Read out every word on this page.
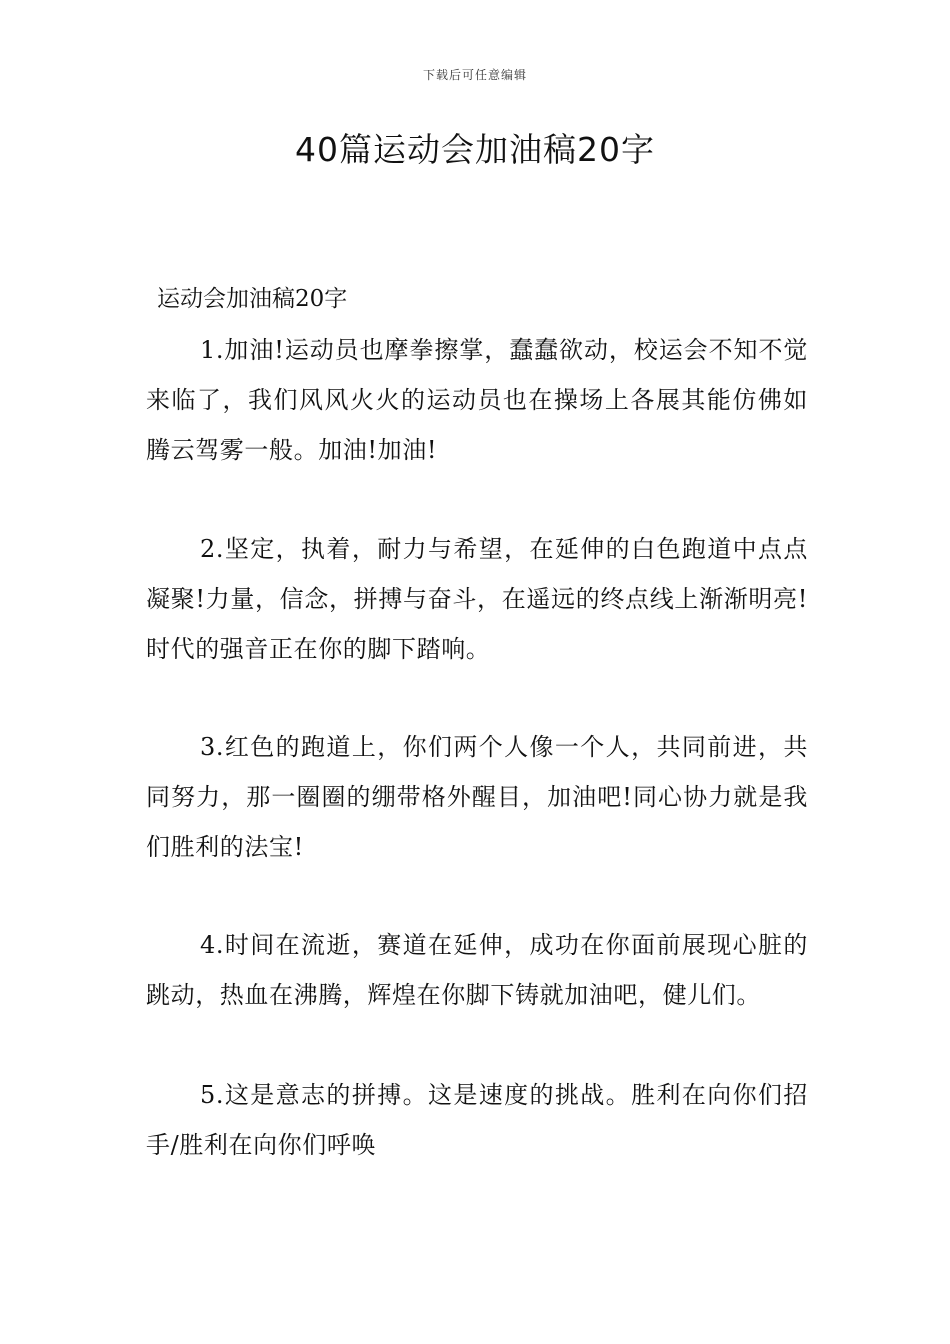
下载后可任意编辑
40篇运动会加油稿20字

运动会加油稿20字

1.加油!运动员也摩拳擦掌，蠢蠢欲动，校运会不知不觉来临了，我们风风火火的运动员也在操场上各展其能仿佛如腾云驾雾一般。加油!加油!

2.坚定，执着，耐力与希望，在延伸的白色跑道中点点凝聚!力量，信念，拼搏与奋斗，在遥远的终点线上渐渐明亮!时代的强音正在你的脚下踏响。

3.红色的跑道上，你们两个人像一个人，共同前进，共同努力，那一圈圈的绷带格外醒目，加油吧!同心协力就是我们胜利的法宝!

4.时间在流逝，赛道在延伸，成功在你面前展现心脏的跳动，热血在沸腾，辉煌在你脚下铸就加油吧，健儿们。

5.这是意志的拼搏。这是速度的挑战。胜利在向你们招手/胜利在向你们呼唤
